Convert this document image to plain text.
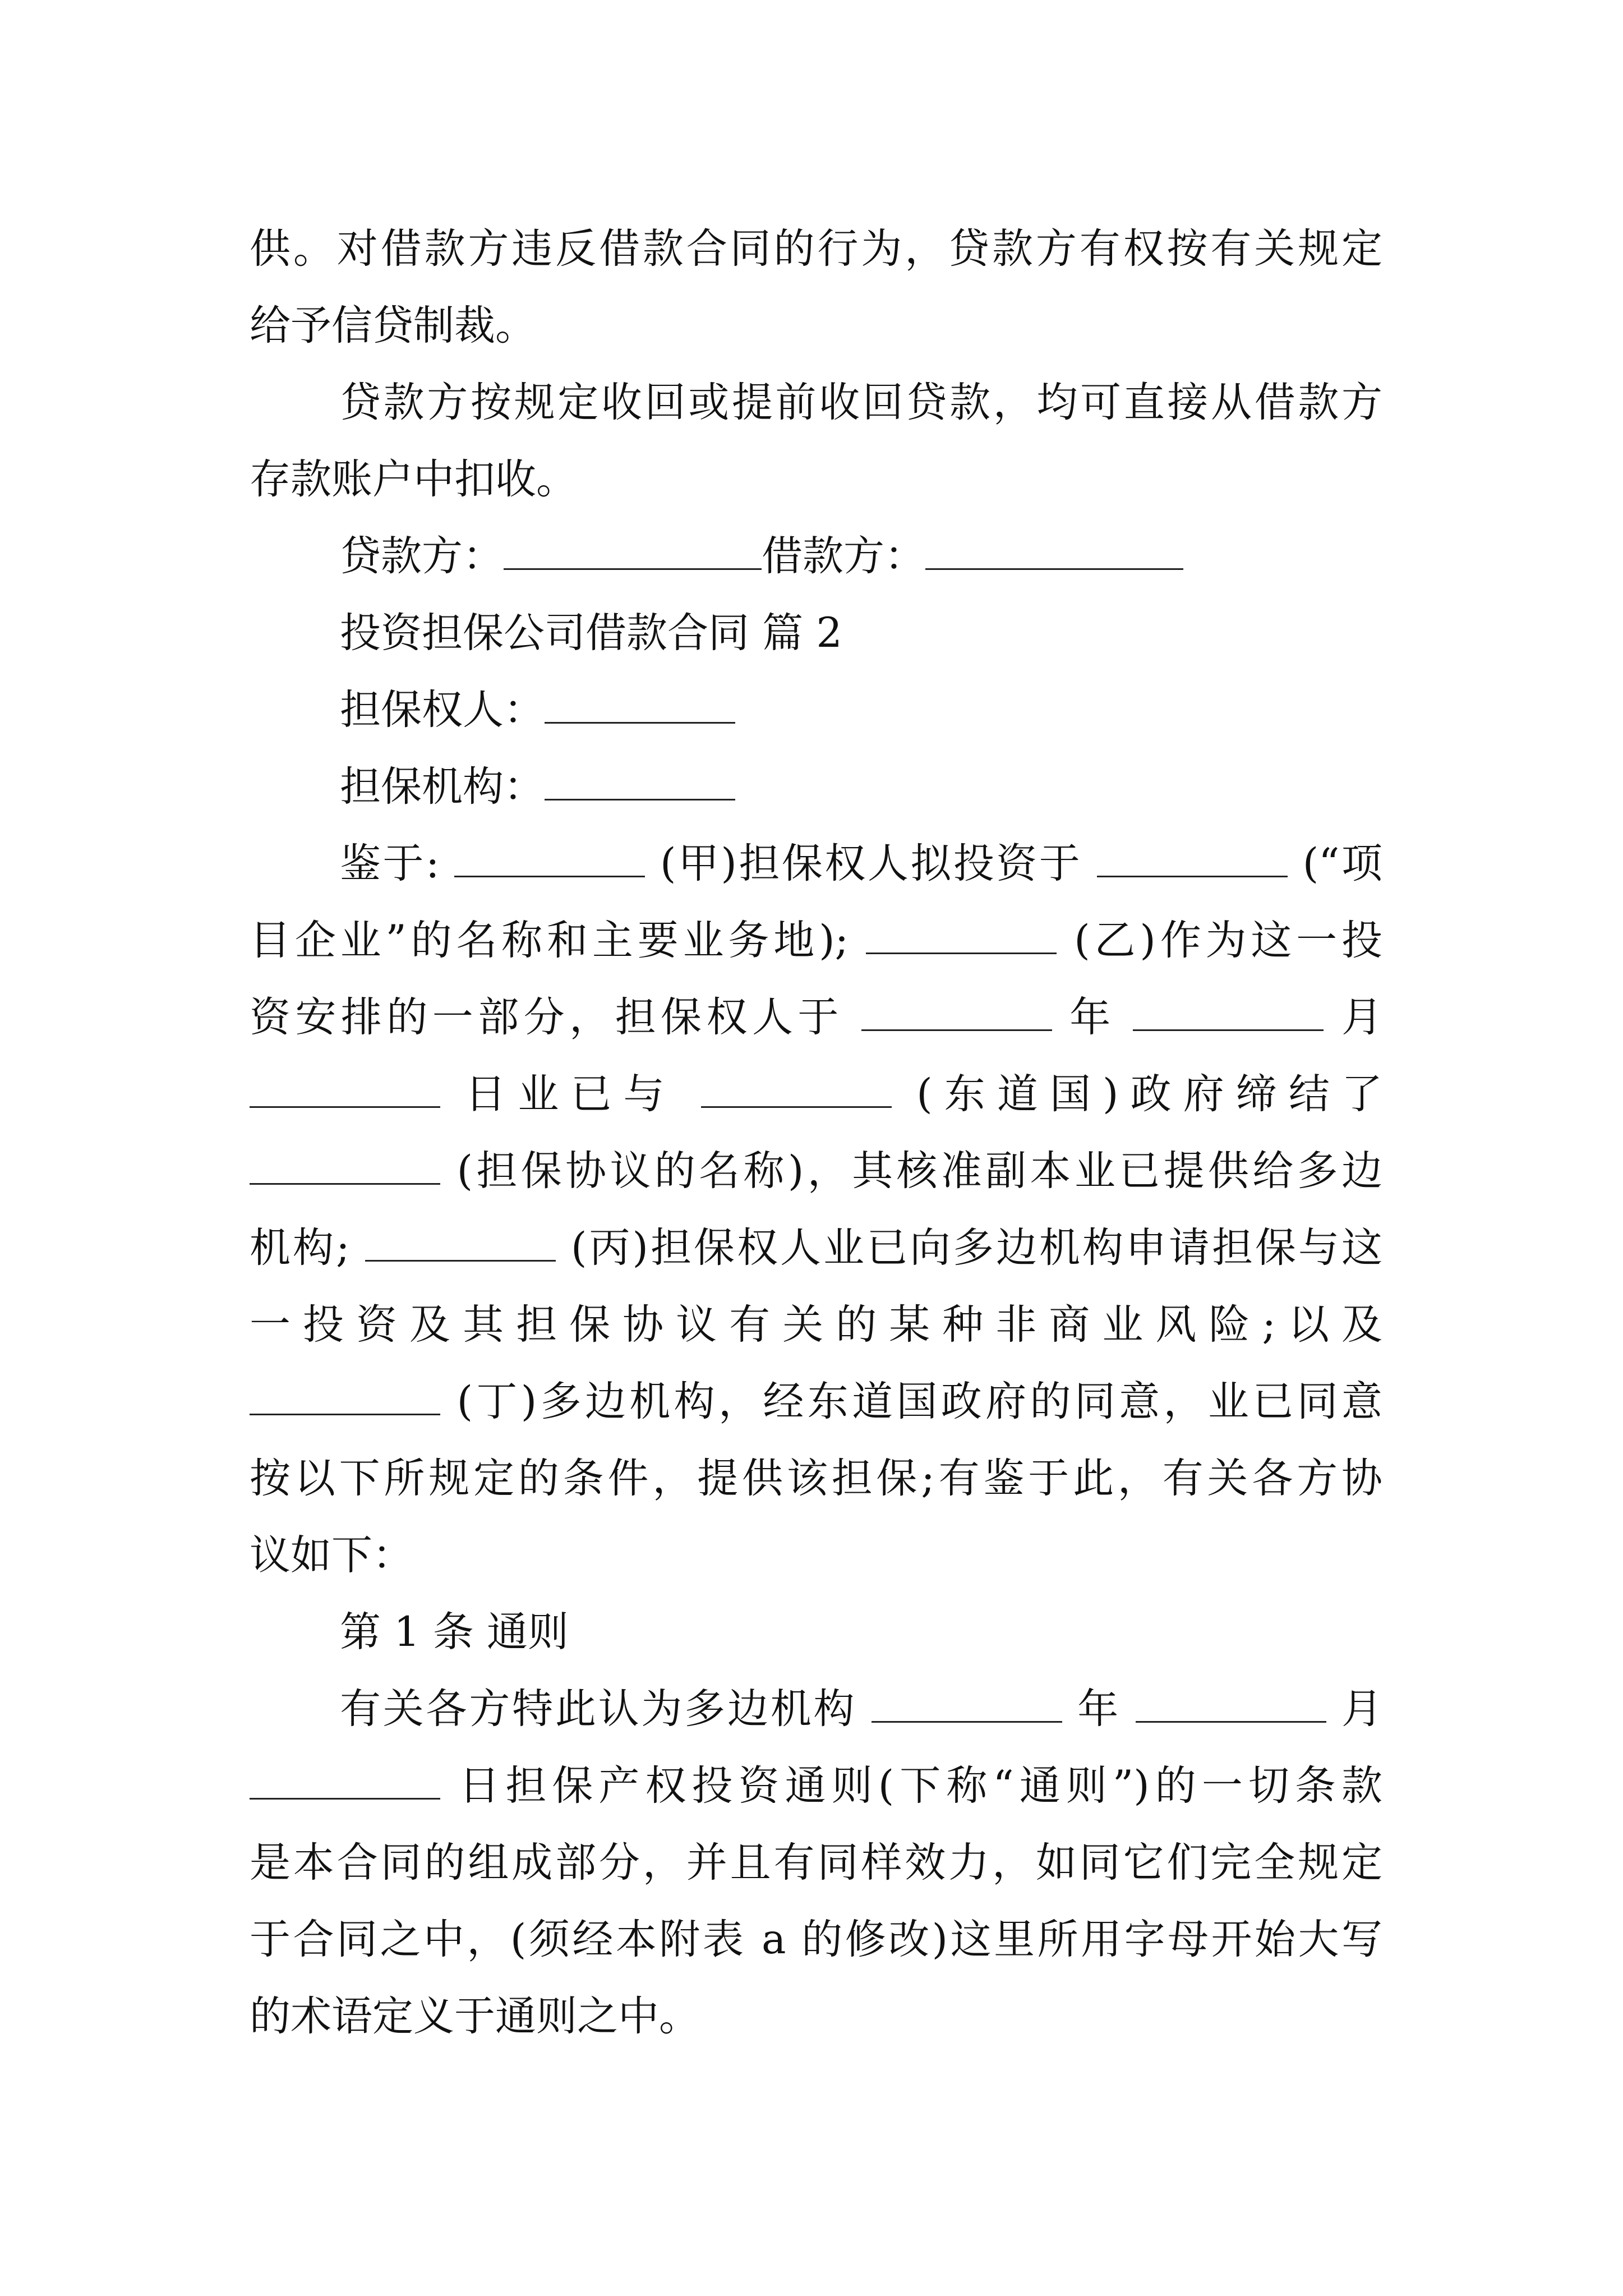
供。对借款方违反借款合同的行为，贷款方有权按有关规定
给予信贷制裁。
贷款方按规定收回或提前收回贷款，均可直接从借款方
存款账户中扣收。
贷款方：	借款方：
投资担保公司借款合同 篇 2
担保权人：
担保机构：
鉴于:	(甲)担保权人拟投资于	(“项
目企业”的名称和主要业务地);	(乙)作为这一投
资安排的一部分，担保权人于	年	月
日业已与	(东道国)政府缔结了
(担保协议的名称)，其核准副本业已提供给多边
机构;	(丙)担保权人业已向多边机构申请担保与这
一投资及其担保协议有关的某种非商业风险;以及
(丁)多边机构，经东道国政府的同意，业已同意
按以下所规定的条件，提供该担保;有鉴于此，有关各方协
议如下：
第 1 条 通则
有关各方特此认为多边机构	年	月
日担保产权投资通则(下称“通则”)的一切条款
是本合同的组成部分，并且有同样效力，如同它们完全规定
于合同之中，(须经本附表 a 的修改)这里所用字母开始大写
的术语定义于通则之中。
